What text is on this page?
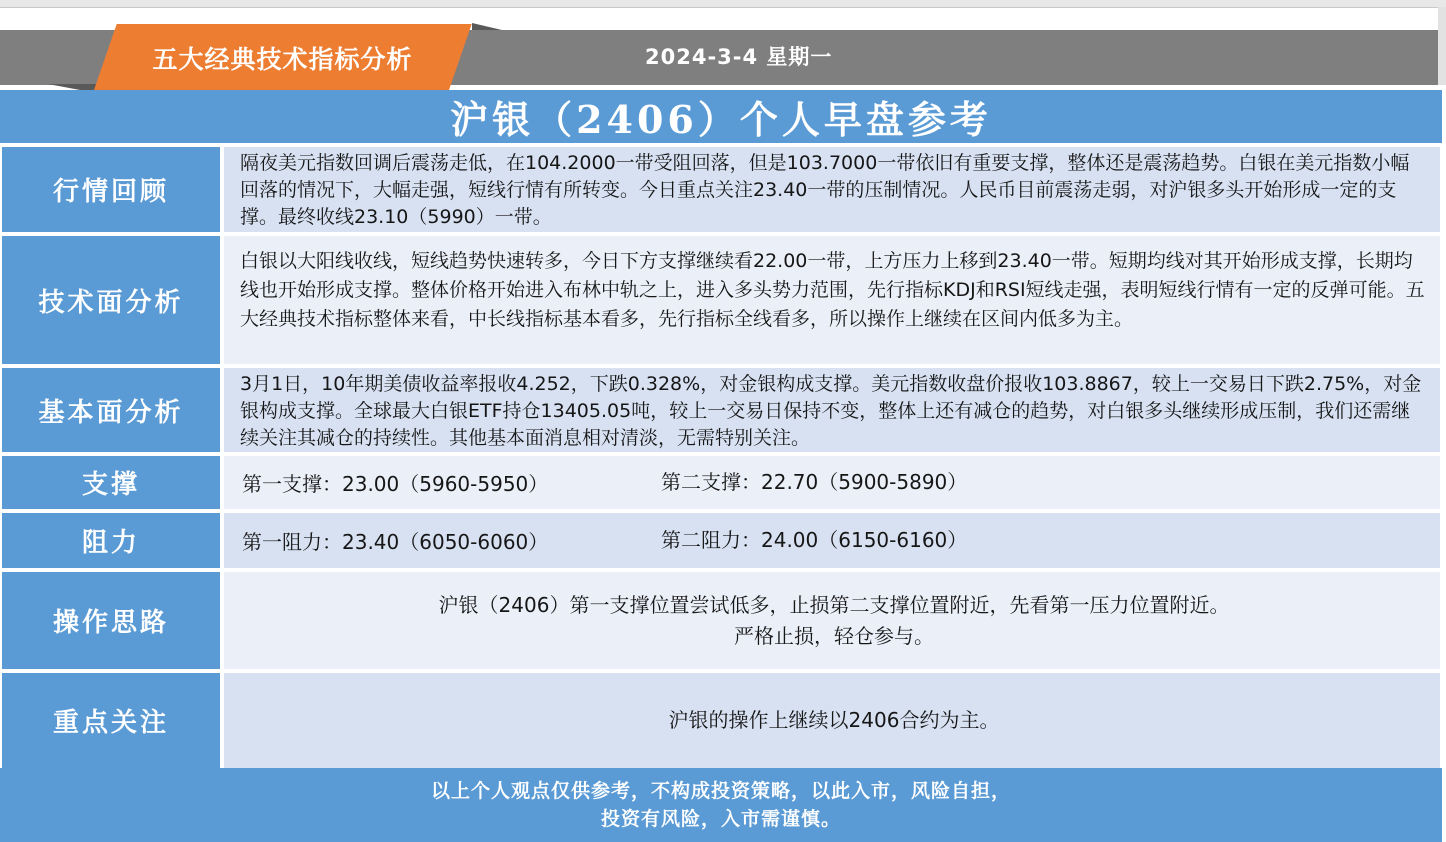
五大经典技术指标分析	2024-3-4 星期一
沪银（2406）个人早盘参考
行情回顾
隔夜美元指数回调后震荡走低，在104.2000一带受阻回落，但是103.7000一带依旧有重要支撑，整体还是震荡趋势。白银在美元指数小幅回落的情况下，大幅走强，短线行情有所转变。今日重点关注23.40一带的压制情况。人民币目前震荡走弱，对沪银多头开始形成一定的支撑。最终收线23.10（5990）一带。
技术面分析
白银以大阳线收线，短线趋势快速转多，今日下方支撑继续看22.00一带，上方压力上移到23.40一带。短期均线对其开始形成支撑，长期均线也开始形成支撑。整体价格开始进入布林中轨之上，进入多头势力范围，先行指标KDJ和RSI短线走强，表明短线行情有一定的反弹可能。五大经典技术指标整体来看，中长线指标基本看多，先行指标全线看多，所以操作上继续在区间内低多为主。
基本面分析
3月1日，10年期美债收益率报收4.252，下跌0.328%，对金银构成支撑。美元指数收盘价报收103.8867，较上一交易日下跌2.75%，对金银构成支撑。全球最大白银ETF持仓13405.05吨，较上一交易日保持不变，整体上还有减仓的趋势，对白银多头继续形成压制，我们还需继续关注其减仓的持续性。其他基本面消息相对清淡，无需特别关注。
支撑	第一支撑：23.00（5960-5950）	第二支撑：22.70（5900-5890）
阻力	第一阻力：23.40（6050-6060）	第二阻力：24.00（6150-6160）
操作思路
沪银（2406）第一支撑位置尝试低多，止损第二支撑位置附近，先看第一压力位置附近。
严格止损，轻仓参与。
重点关注	沪银的操作上继续以2406合约为主。
以上个人观点仅供参考，不构成投资策略，以此入市，风险自担，
投资有风险，入市需谨慎。
